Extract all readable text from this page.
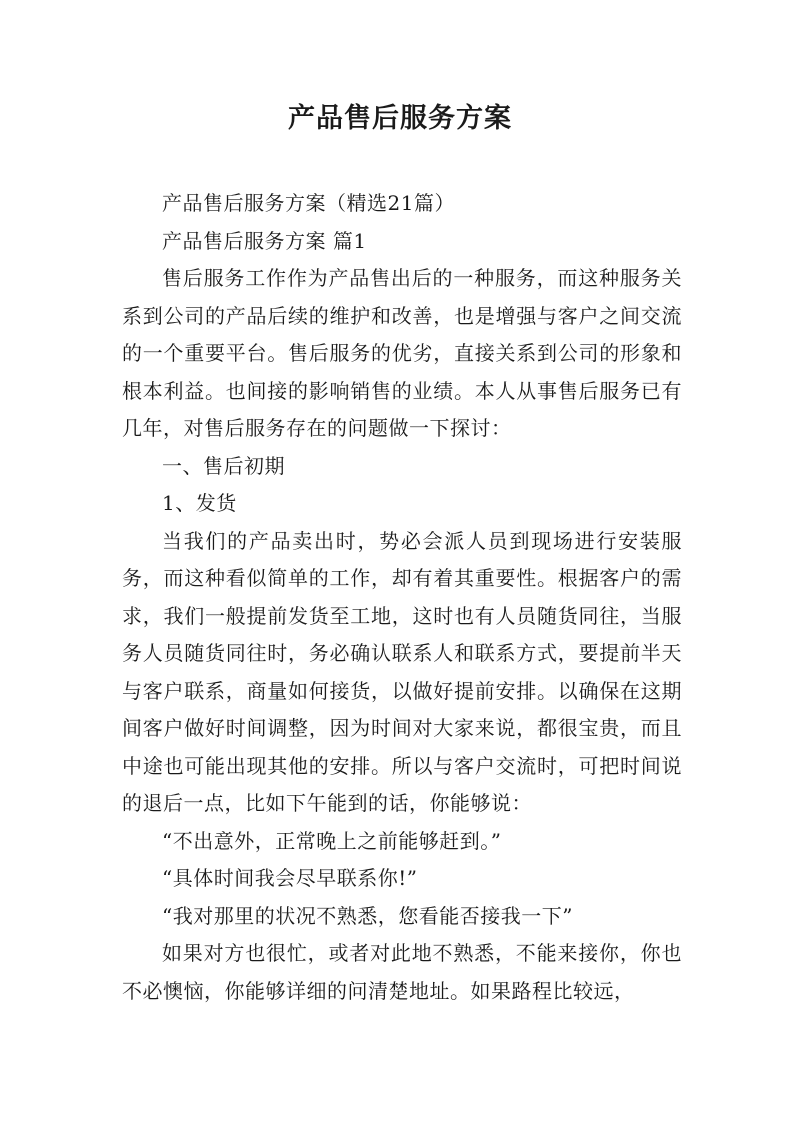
产品售后服务方案

产品售后服务方案（精选21篇）

产品售后服务方案 篇1

售后服务工作作为产品售出后的一种服务，而这种服务关系到公司的产品后续的维护和改善，也是增强与客户之间交流的一个重要平台。售后服务的优劣，直接关系到公司的形象和根本利益。也间接的影响销售的业绩。本人从事售后服务已有几年，对售后服务存在的问题做一下探讨：

一、售后初期

1、发货

当我们的产品卖出时，势必会派人员到现场进行安装服务，而这种看似简单的工作，却有着其重要性。根据客户的需求，我们一般提前发货至工地，这时也有人员随货同往，当服务人员随货同往时，务必确认联系人和联系方式，要提前半天与客户联系，商量如何接货，以做好提前安排。以确保在这期间客户做好时间调整，因为时间对大家来说，都很宝贵，而且中途也可能出现其他的安排。所以与客户交流时，可把时间说的退后一点，比如下午能到的话，你能够说：

“不出意外，正常晚上之前能够赶到。”

“具体时间我会尽早联系你!”

“我对那里的状况不熟悉，您看能否接我一下”

如果对方也很忙，或者对此地不熟悉，不能来接你，你也不必懊恼，你能够详细的问清楚地址。如果路程比较远，
